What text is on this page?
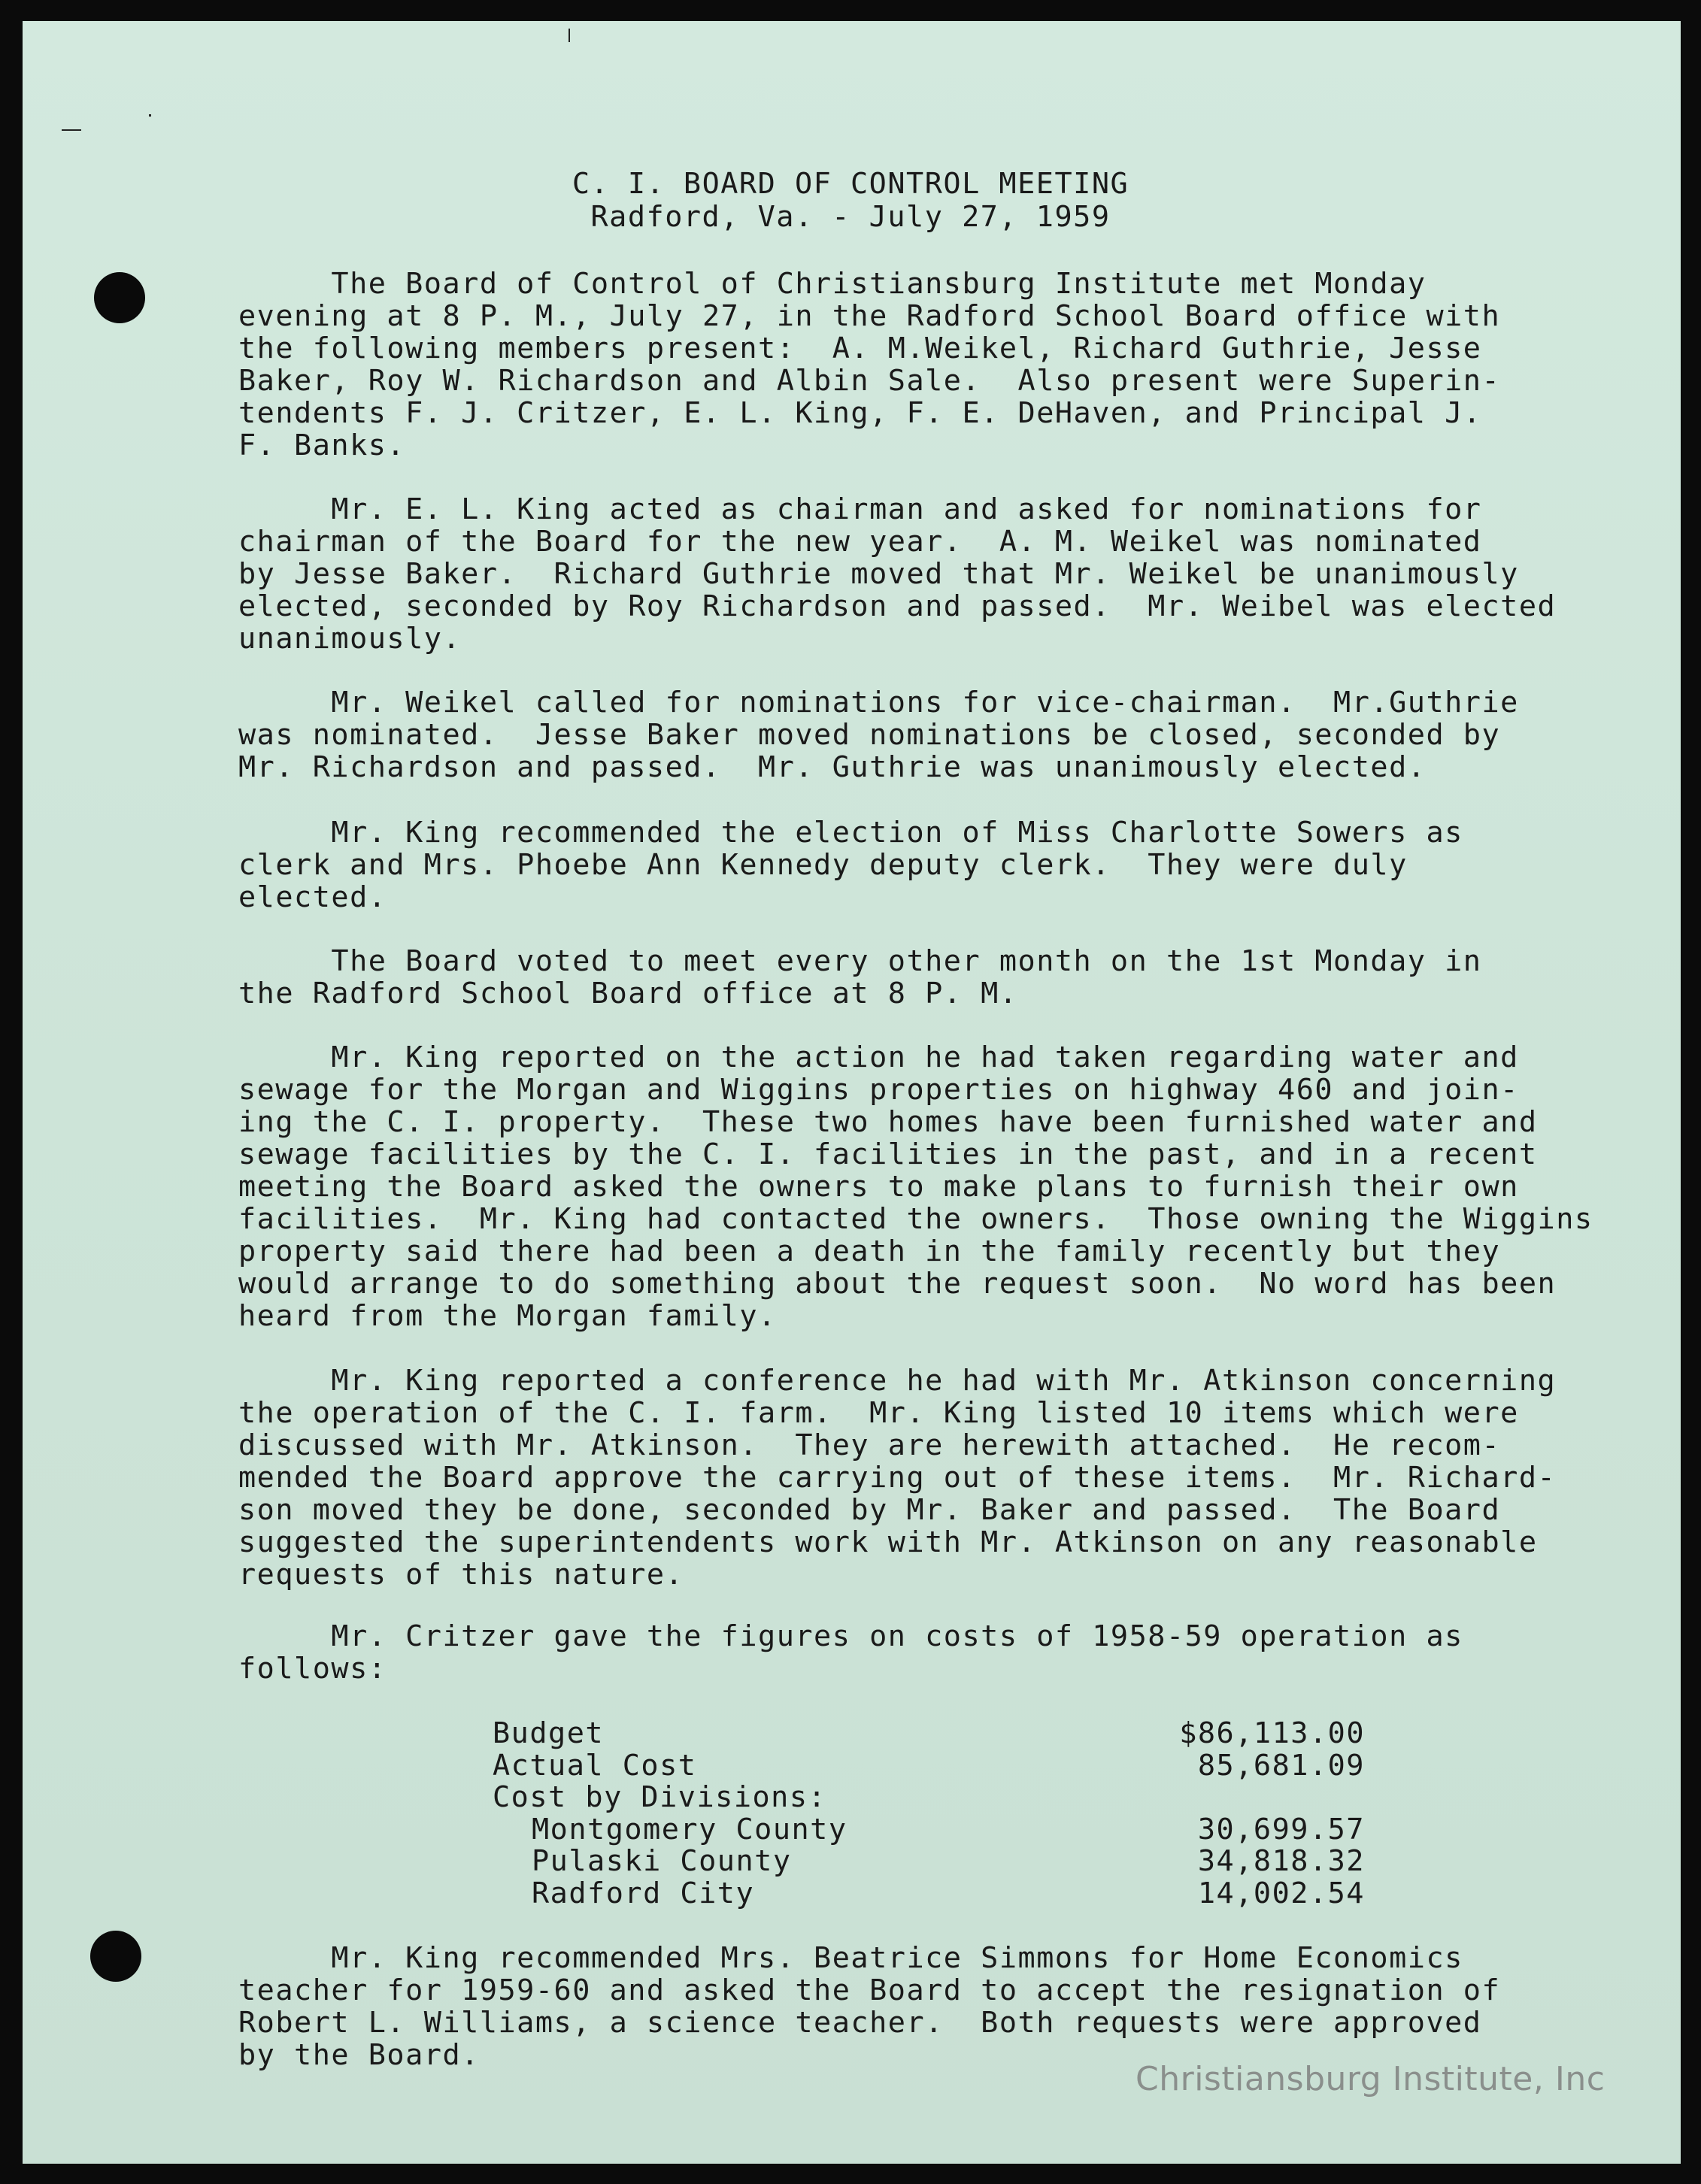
C. I. BOARD OF CONTROL MEETING
Radford, Va. - July 27, 1959
The Board of Control of Christiansburg Institute met Monday
evening at 8 P. M., July 27, in the Radford School Board office with
the following members present:  A. M.Weikel, Richard Guthrie, Jesse
Baker, Roy W. Richardson and Albin Sale.  Also present were Superin-
tendents F. J. Critzer, E. L. King, F. E. DeHaven, and Principal J.
F. Banks.
Mr. E. L. King acted as chairman and asked for nominations for
chairman of the Board for the new year.  A. M. Weikel was nominated
by Jesse Baker.  Richard Guthrie moved that Mr. Weikel be unanimously
elected, seconded by Roy Richardson and passed.  Mr. Weibel was elected
unanimously.
Mr. Weikel called for nominations for vice-chairman.  Mr.Guthrie
was nominated.  Jesse Baker moved nominations be closed, seconded by
Mr. Richardson and passed.  Mr. Guthrie was unanimously elected.
Mr. King recommended the election of Miss Charlotte Sowers as
clerk and Mrs. Phoebe Ann Kennedy deputy clerk.  They were duly
elected.
The Board voted to meet every other month on the 1st Monday in
the Radford School Board office at 8 P. M.
Mr. King reported on the action he had taken regarding water and
sewage for the Morgan and Wiggins properties on highway 460 and join-
ing the C. I. property.  These two homes have been furnished water and
sewage facilities by the C. I. facilities in the past, and in a recent
meeting the Board asked the owners to make plans to furnish their own
facilities.  Mr. King had contacted the owners.  Those owning the Wiggins
property said there had been a death in the family recently but they
would arrange to do something about the request soon.  No word has been
heard from the Morgan family.
Mr. King reported a conference he had with Mr. Atkinson concerning
the operation of the C. I. farm.  Mr. King listed 10 items which were
discussed with Mr. Atkinson.  They are herewith attached.  He recom-
mended the Board approve the carrying out of these items.  Mr. Richard-
son moved they be done, seconded by Mr. Baker and passed.  The Board
suggested the superintendents work with Mr. Atkinson on any reasonable
requests of this nature.
Mr. Critzer gave the figures on costs of 1958-59 operation as
follows:
Budget	$86,113.00
Actual Cost	85,681.09
Cost by Divisions:
Montgomery County	30,699.57
Pulaski County	34,818.32
Radford City	14,002.54
Mr. King recommended Mrs. Beatrice Simmons for Home Economics
teacher for 1959-60 and asked the Board to accept the resignation of
Robert L. Williams, a science teacher.  Both requests were approved
by the Board.
Christiansburg Institute, Inc
